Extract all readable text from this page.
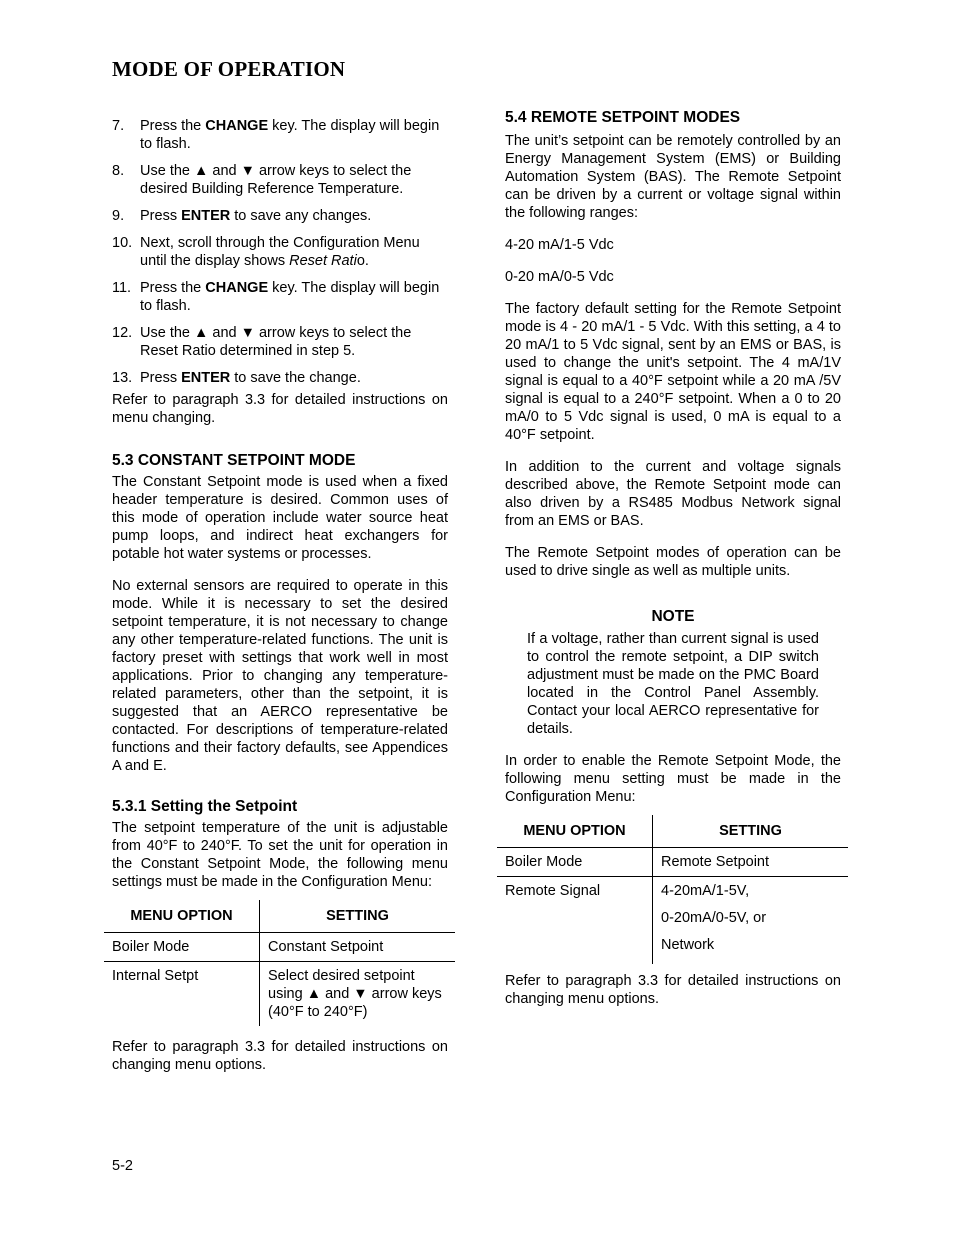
MODE OF OPERATION
7.	Press the CHANGE key. The display will begin to flash.
8.	Use the ▲ and ▼ arrow keys to select the desired Building Reference Temperature.
9.	Press ENTER to save any changes.
10. Next, scroll through the Configuration Menu until the display shows Reset Ratio.
11. Press the CHANGE key. The display will begin to flash.
12. Use the ▲ and ▼ arrow keys to select the Reset Ratio determined in step 5.
13. Press ENTER to save the change.

Refer to paragraph 3.3 for detailed instructions on menu changing.

5.3 CONSTANT SETPOINT MODE

The Constant Setpoint mode is used when a fixed header temperature is desired. Common uses of this mode of operation include water source heat pump loops, and indirect heat exchangers for potable hot water systems or processes.

No external sensors are required to operate in this mode. While it is necessary to set the desired setpoint temperature, it is not necessary to change any other temperature-related functions. The unit is factory preset with settings that work well in most applications. Prior to changing any temperature-related parameters, other than the setpoint, it is suggested that an AERCO representative be contacted. For descriptions of temperature-related functions and their factory defaults, see Appendices A and E.

5.3.1 Setting the Setpoint

The setpoint temperature of the unit is adjustable from 40°F to 240°F. To set the unit for operation in the Constant Setpoint Mode, the following menu settings must be made in the Configuration Menu:

MENU OPTION	SETTING
Boiler Mode	Constant Setpoint
Internal Setpt	Select desired setpoint using ▲ and ▼ arrow keys (40°F to 240°F)

Refer to paragraph 3.3 for detailed instructions on changing menu options.

5.4 REMOTE SETPOINT MODES

The unit’s setpoint can be remotely controlled by an Energy Management System (EMS) or Building Automation System (BAS). The Remote Setpoint can be driven by a current or voltage signal within the following ranges:

4-20 mA/1-5 Vdc

0-20 mA/0-5 Vdc

The factory default setting for the Remote Setpoint mode is 4 - 20 mA/1 - 5 Vdc. With this setting, a 4 to 20 mA/1 to 5 Vdc signal, sent by an EMS or BAS, is used to change the unit's setpoint. The 4 mA/1V signal is equal to a 40°F setpoint while a 20 mA /5V signal is equal to a 240°F setpoint. When a 0 to 20 mA/0 to 5 Vdc signal is used, 0 mA is equal to a 40°F setpoint.

In addition to the current and voltage signals described above, the Remote Setpoint mode can also driven by a RS485 Modbus Network signal from an EMS or BAS.

The Remote Setpoint modes of operation can be used to drive single as well as multiple units.

NOTE

If a voltage, rather than current signal is used to control the remote setpoint, a DIP switch adjustment must be made on the PMC Board located in the Control Panel Assembly. Contact your local AERCO representative for details.

In order to enable the Remote Setpoint Mode, the following menu setting must be made in the Configuration Menu:

MENU OPTION	SETTING
Boiler Mode	Remote Setpoint
Remote Signal	4-20mA/1-5V,
0-20mA/0-5V, or
Network

Refer to paragraph 3.3 for detailed instructions on changing menu options.

5-2
